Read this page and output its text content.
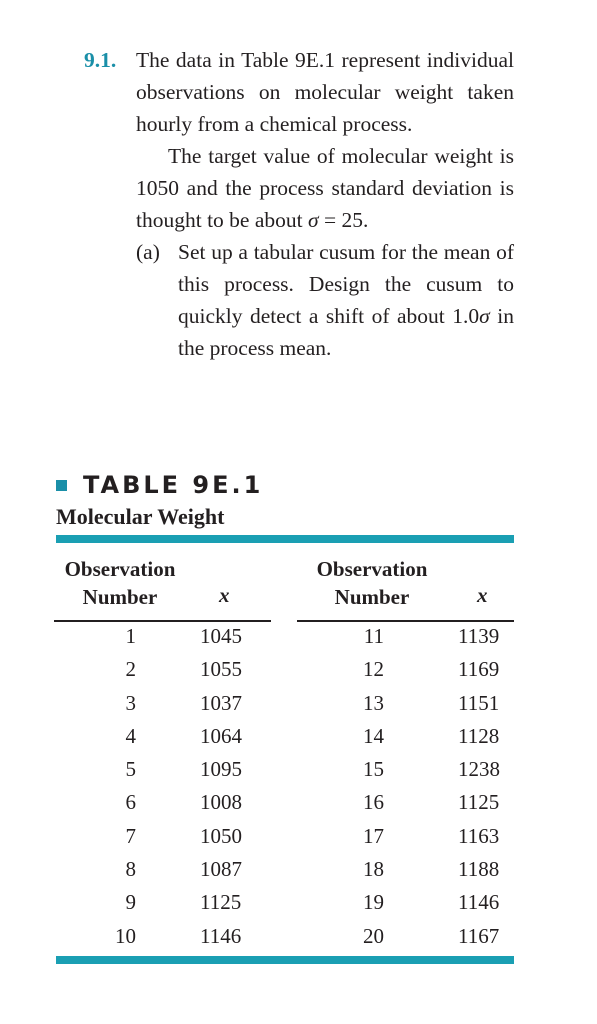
9.1. The data in Table 9E.1 represent individual observations on molecular weight taken hourly from a chemical process.
The target value of molecular weight is 1050 and the process standard deviation is thought to be about σ = 25.
(a) Set up a tabular cusum for the mean of this process. Design the cusum to quickly detect a shift of about 1.0σ in the process mean.
TABLE 9E.1
Molecular Weight
Observation
Number	x
Observation
Number	x
1	1045	11	1139
2	1055	12	1169
3	1037	13	1151
4	1064	14	1128
5	1095	15	1238
6	1008	16	1125
7	1050	17	1163
8	1087	18	1188
9	1125	19	1146
10	1146	20	1167
